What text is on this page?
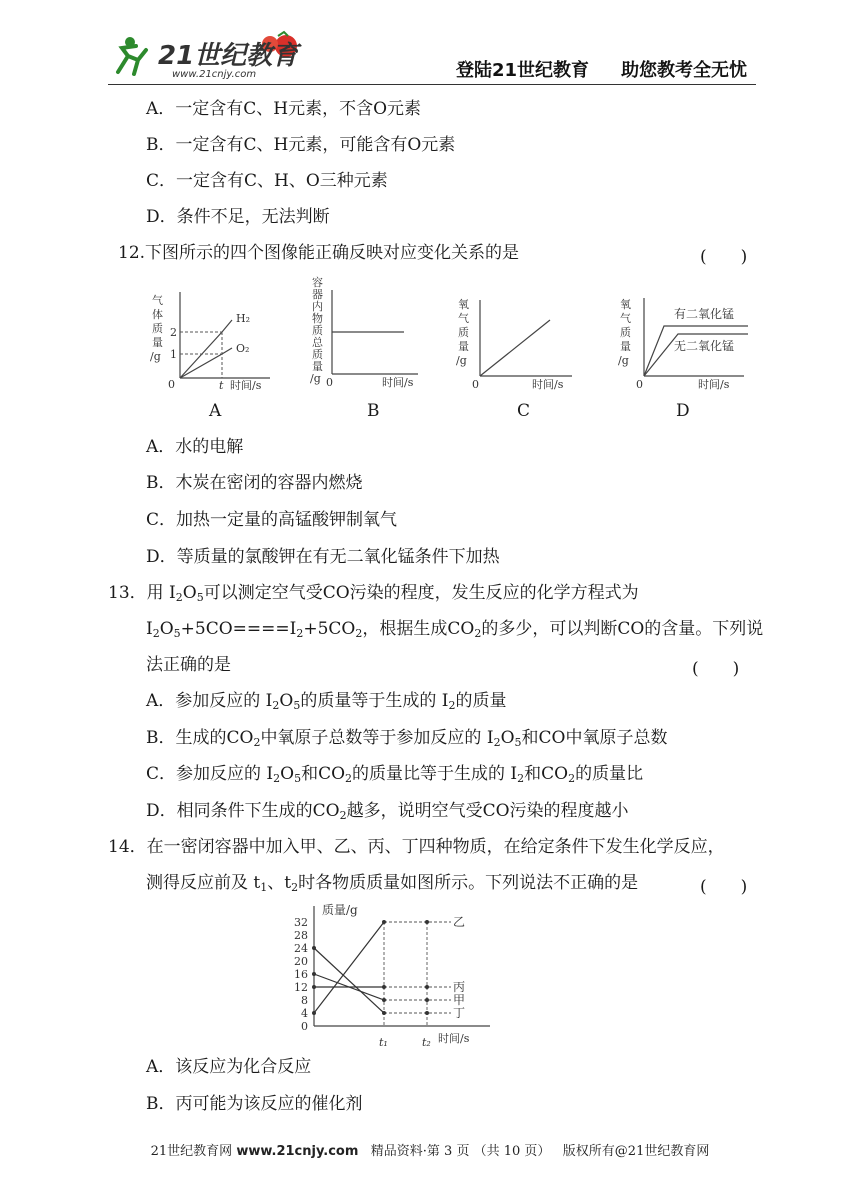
21世纪教育
www.21cnjy.com	登陆21世纪教育 助您教考全无忧
A．一定含有C、H元素，不含O元素
B．一定含有C、H元素，可能含有O元素
C．一定含有C、H、O三种元素
D．条件不足，无法判断
12.下图所示的四个图像能正确反映对应变化关系的是	(　　)
气
体
质
量
/g
2
1
0	t
H₂
O₂
时间/s
容
器
内
物
质
总
质
量
/g 0	时间/s
氧
气
质
量
/g
0	时间/s
氧
气
质
量
/g
有二氧化锰
无二氧化锰
0	时间/s
A	B	C	D
A．水的电解
B．木炭在密闭的容器内燃烧
C．加热一定量的高锰酸钾制氧气
D．等质量的氯酸钾在有无二氧化锰条件下加热
13．用 $I_2O_5$可以测定空气受CO污染的程度，发生反应的化学方程式为
$I_2O_5+5CO====I_2+5CO_2$，根据生成$CO_2$的多少，可以判断CO的含量。下列说
法正确的是	(　　)
A．参加反应的 $I_2O_5$的质量等于生成的 $I_2$的质量
B．生成的$CO_2$中氧原子总数等于参加反应的 $I_2O_5$和CO中氧原子总数
C．参加反应的 $I_2O_5$和$CO_2$的质量比等于生成的 $I_2$和$CO_2$的质量比
D．相同条件下生成的$CO_2$越多，说明空气受CO污染的程度越小
14．在一密闭容器中加入甲、乙、丙、丁四种物质，在给定条件下发生化学反应，
测得反应前及 $t_1$、$t_2$时各物质质量如图所示。下列说法不正确的是	(　　)
质量/g
时间/s
t₁	t₂
0
4
8
12
16
20
24
28
32	乙
丙
甲
丁
A．该反应为化合反应
B．丙可能为该反应的催化剂
21世纪教育网 www.21cnjy.com 精品资料·第 3 页 （共 10 页） 版权所有@21世纪教育网
